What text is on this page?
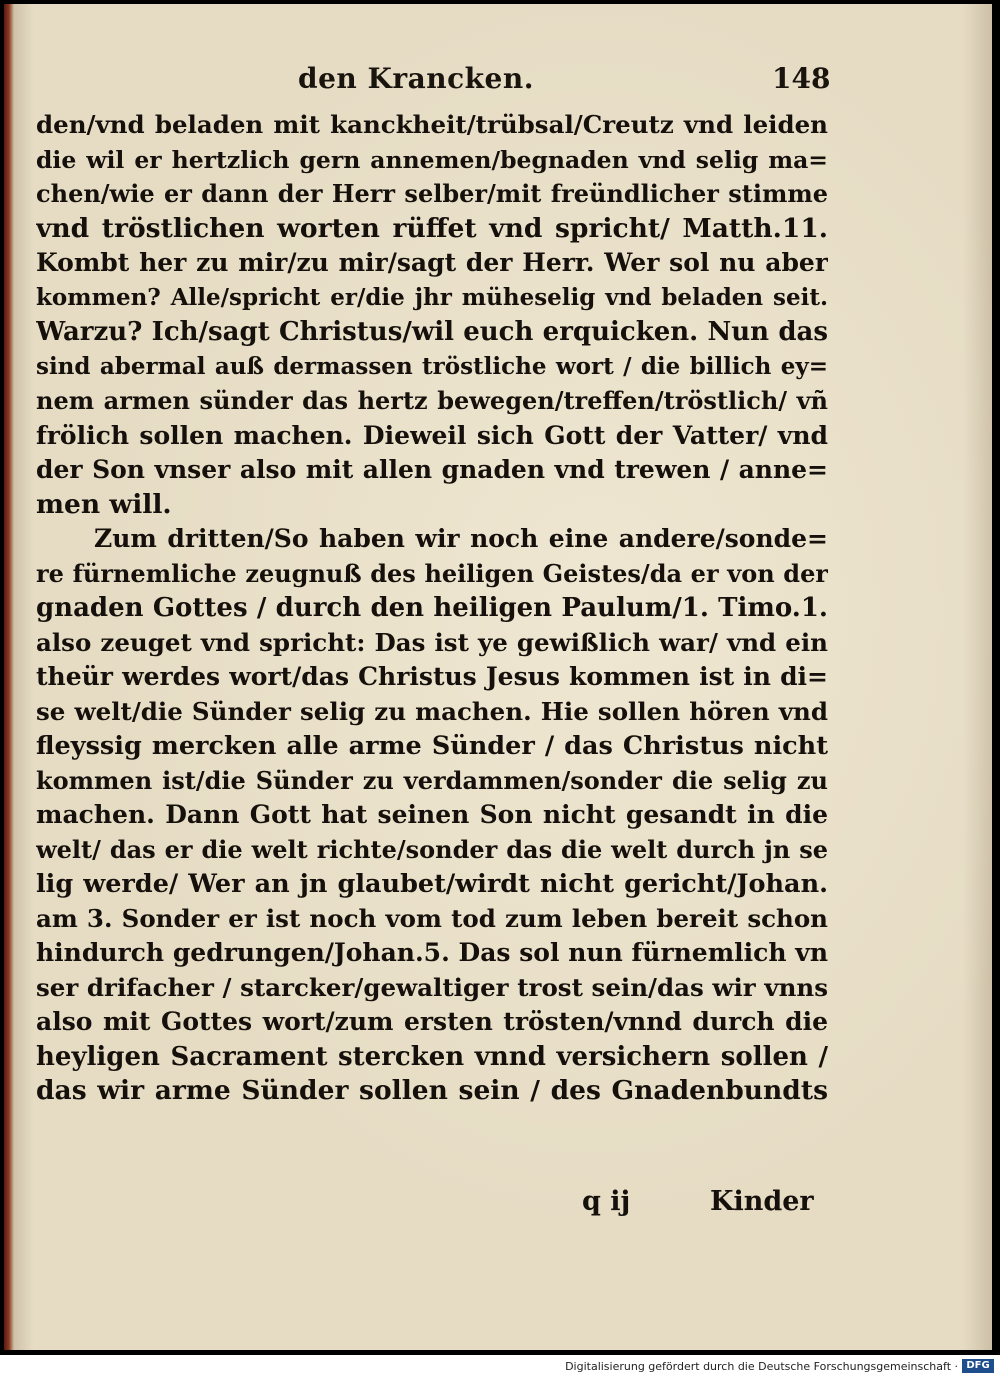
den Krancken.	148
den/vnd beladen mit kanckheit/trübsal/Creutz vnd leiden
die wil er hertzlich gern annemen/begnaden vnd selig ma=
chen/wie er dann der Herr selber/mit freündlicher stimme
vnd tröstlichen worten rüffet vnd spricht/ Matth.11.
Kombt her zu mir/zu mir/sagt der Herr. Wer sol nu aber
kommen? Alle/spricht er/die jhr müheselig vnd beladen seit.
Warzu? Ich/sagt Christus/wil euch erquicken. Nun das
sind abermal auß dermassen tröstliche wort / die billich ey=
nem armen sünder das hertz bewegen/treffen/tröstlich/ vñ
frölich sollen machen. Dieweil sich Gott der Vatter/ vnd
der Son vnser also mit allen gnaden vnd trewen / anne=
men will.
Zum dritten/So haben wir noch eine andere/sonde=
re fürnemliche zeugnuß des heiligen Geistes/da er von der
gnaden Gottes / durch den heiligen Paulum/1. Timo.1.
also zeuget vnd spricht: Das ist ye gewißlich war/ vnd ein
theür werdes wort/das Christus Jesus kommen ist in di=
se welt/die Sünder selig zu machen. Hie sollen hören vnd
fleyssig mercken alle arme Sünder / das Christus nicht
kommen ist/die Sünder zu verdammen/sonder die selig zu
machen. Dann Gott hat seinen Son nicht gesandt in die
welt/ das er die welt richte/sonder das die welt durch jn se
lig werde/ Wer an jn glaubet/wirdt nicht gericht/Johan.
am 3. Sonder er ist noch vom tod zum leben bereit schon
hindurch gedrungen/Johan.5. Das sol nun fürnemlich vn
ser drifacher / starcker/gewaltiger trost sein/das wir vnns
also mit Gottes wort/zum ersten trösten/vnnd durch die
heyligen Sacrament stercken vnnd versichern sollen /
das wir arme Sünder sollen sein / des Gnadenbundts
q ij	Kinder
Digitalisierung gefördert durch die Deutsche Forschungsgemeinschaft · DFG
